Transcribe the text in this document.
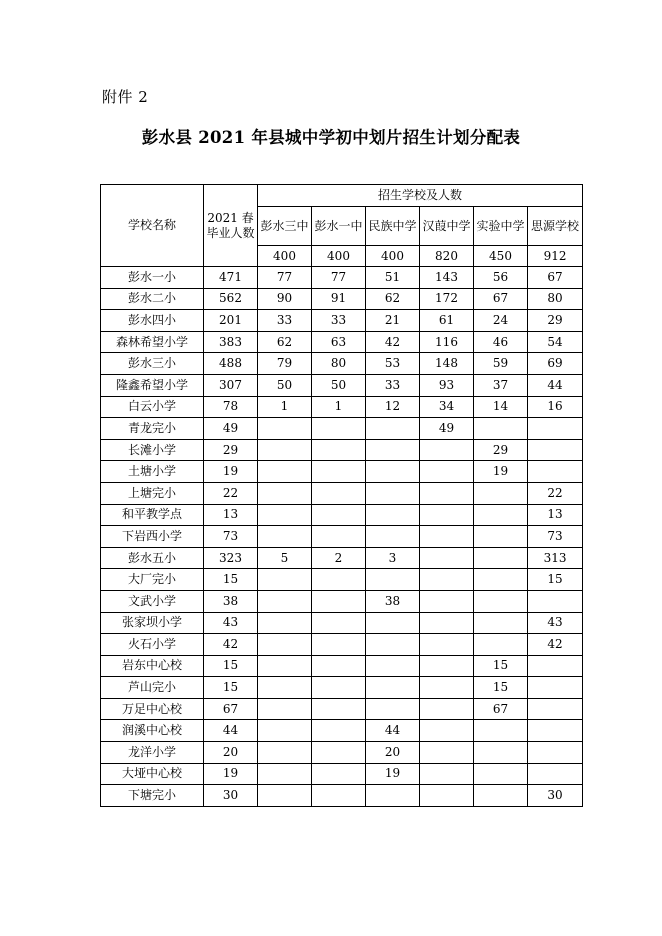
附件 2
彭水县 2021 年县城中学初中划片招生计划分配表
学校名称	2021 春毕业人数	招生学校及人数					
		彭水三中	彭水一中	民族中学	汉葭中学	实验中学	思源学校
		400	400	400	820	450	912
彭水一小	471	77	77	51	143	56	67
彭水二小	562	90	91	62	172	67	80
彭水四小	201	33	33	21	61	24	29
森林希望小学	383	62	63	42	116	46	54
彭水三小	488	79	80	53	148	59	69
隆鑫希望小学	307	50	50	33	93	37	44
白云小学	78	1	1	12	34	14	16
青龙完小	49				49		
长滩小学	29					29	
土塘小学	19					19	
上塘完小	22						22
和平教学点	13						13
下岩西小学	73						73
彭水五小	323	5	2	3			313
大厂完小	15						15
文武小学	38			38			
张家坝小学	43						43
火石小学	42						42
岩东中心校	15					15	
芦山完小	15					15	
万足中心校	67					67	
润溪中心校	44			44			
龙洋小学	20			20			
大垭中心校	19			19			
下塘完小	30						30
